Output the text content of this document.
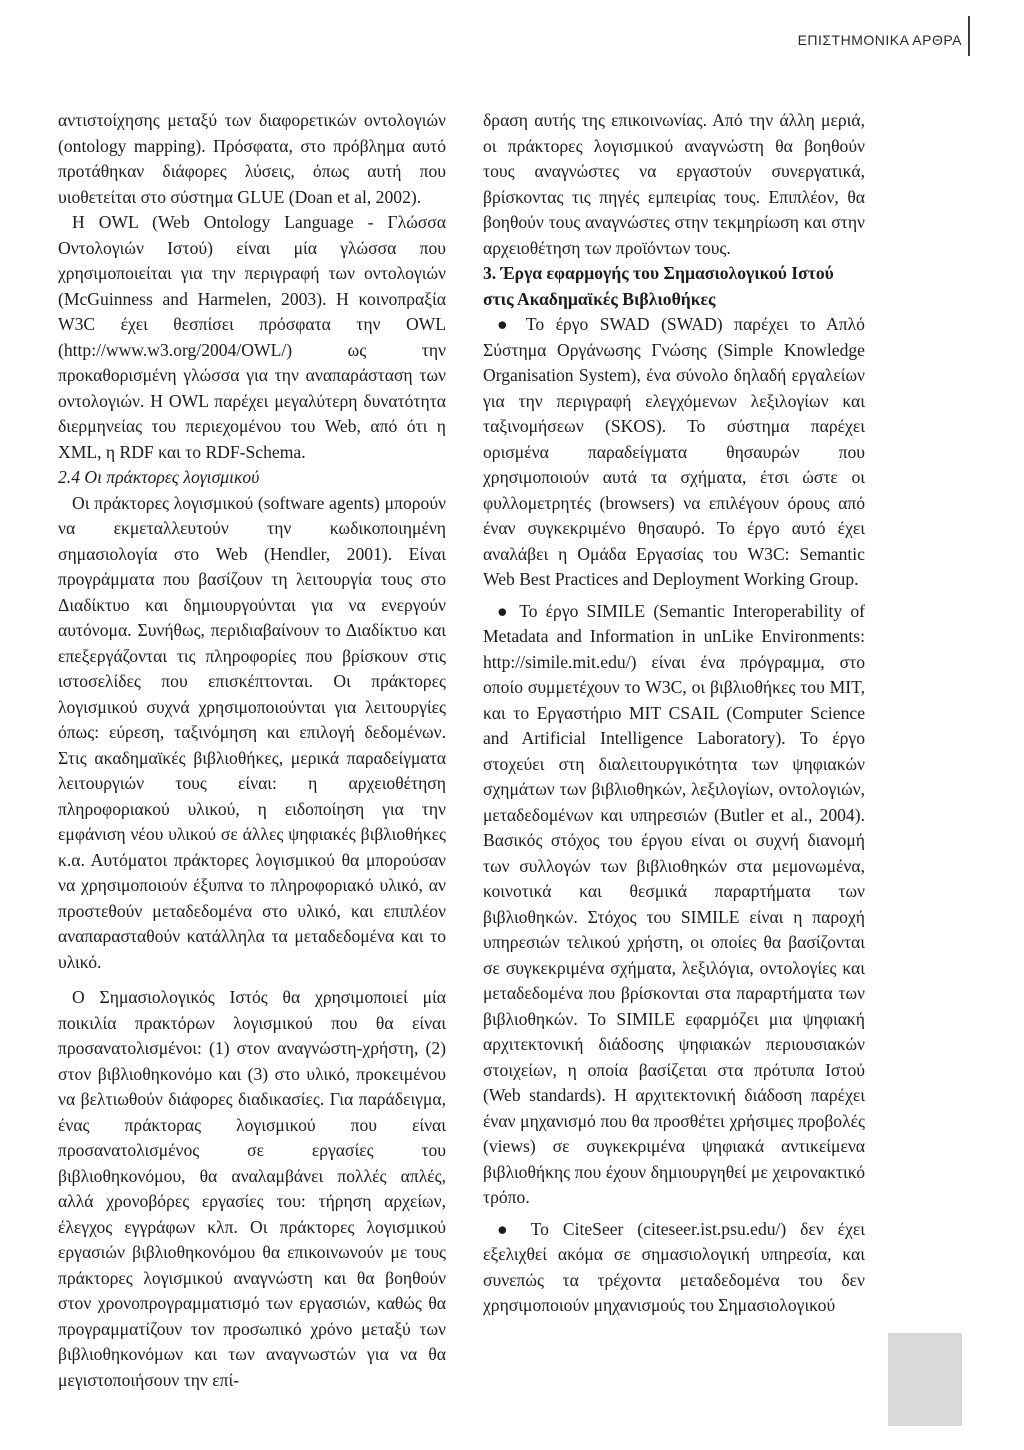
ΕΠΙΣΤΗΜΟΝΙΚΑ ΑΡΘΡΑ

αντιστοίχησης μεταξύ των διαφορετικών οντολογιών (ontology mapping). Πρόσφατα, στο πρόβλημα αυτό προτάθηκαν διάφορες λύσεις, όπως αυτή που υιοθετείται στο σύστημα GLUE (Doan et al, 2002).

Η OWL (Web Ontology Language - Γλώσσα Οντολογιών Ιστού) είναι μία γλώσσα που χρησιμοποιείται για την περιγραφή των οντολογιών (McGuinness and Harmelen, 2003). Η κοινοπραξία W3C έχει θεσπίσει πρόσφατα την OWL (http://www.w3.org/2004/OWL/) ως την προκαθορισμένη γλώσσα για την αναπαράσταση των οντολογιών. Η OWL παρέχει μεγαλύτερη δυνατότητα διερμηνείας του περιεχομένου του Web, από ότι η XML, η RDF και το RDF-Schema.

2.4 Οι πράκτορες λογισμικού

Οι πράκτορες λογισμικού (software agents) μπορούν να εκμεταλλευτούν την κωδικοποιημένη σημασιολογία στο Web (Hendler, 2001). Είναι προγράμματα που βασίζουν τη λειτουργία τους στο Διαδίκτυο και δημιουργούνται για να ενεργούν αυτόνομα. Συνήθως, περιδιαβαίνουν το Διαδίκτυο και επεξεργάζονται τις πληροφορίες που βρίσκουν στις ιστοσελίδες που επισκέπτονται. Οι πράκτορες λογισμικού συχνά χρησιμοποιούνται για λειτουργίες όπως: εύρεση, ταξινόμηση και επιλογή δεδομένων. Στις ακαδημαϊκές βιβλιοθήκες, μερικά παραδείγματα λειτουργιών τους είναι: η αρχειοθέτηση πληροφοριακού υλικού, η ειδοποίηση για την εμφάνιση νέου υλικού σε άλλες ψηφιακές βιβλιοθήκες κ.α. Αυτόματοι πράκτορες λογισμικού θα μπορούσαν να χρησιμοποιούν έξυπνα το πληροφοριακό υλικό, αν προστεθούν μεταδεδομένα στο υλικό, και επιπλέον αναπαρασταθούν κατάλληλα τα μεταδεδομένα και το υλικό.

Ο Σημασιολογικός Ιστός θα χρησιμοποιεί μία ποικιλία πρακτόρων λογισμικού που θα είναι προσανατολισμένοι: (1) στον αναγνώστη-χρήστη, (2) στον βιβλιοθηκονόμο και (3) στο υλικό, προκειμένου να βελτιωθούν διάφορες διαδικασίες. Για παράδειγμα, ένας πράκτορας λογισμικού που είναι προσανατολισμένος σε εργασίες του βιβλιοθηκονόμου, θα αναλαμβάνει πολλές απλές, αλλά χρονοβόρες εργασίες του: τήρηση αρχείων, έλεγχος εγγράφων κλπ. Οι πράκτορες λογισμικού εργασιών βιβλιοθηκονόμου θα επικοινωνούν με τους πράκτορες λογισμικού αναγνώστη και θα βοηθούν στον χρονοπρογραμματισμό των εργασιών, καθώς θα προγραμματίζουν τον προσωπικό χρόνο μεταξύ των βιβλιοθηκονόμων και των αναγνωστών για να θα μεγιστοποιήσουν την επί-

δραση αυτής της επικοινωνίας. Από την άλλη μεριά, οι πράκτορες λογισμικού αναγνώστη θα βοηθούν τους αναγνώστες να εργαστούν συνεργατικά, βρίσκοντας τις πηγές εμπειρίας τους. Επιπλέον, θα βοηθούν τους αναγνώστες στην τεκμηρίωση και στην αρχειοθέτηση των προϊόντων τους.

3. Έργα εφαρμογής του Σημασιολογικού Ιστού στις Ακαδημαϊκές Βιβλιοθήκες

● Το έργο SWAD (SWAD) παρέχει το Απλό Σύστημα Οργάνωσης Γνώσης (Simple Knowledge Organisation System), ένα σύνολο δηλαδή εργαλείων για την περιγραφή ελεγχόμενων λεξιλογίων και ταξινομήσεων (SKOS). Το σύστημα παρέχει ορισμένα παραδείγματα θησαυρών που χρησιμοποιούν αυτά τα σχήματα, έτσι ώστε οι φυλλομετρητές (browsers) να επιλέγουν όρους από έναν συγκεκριμένο θησαυρό. Το έργο αυτό έχει αναλάβει η Ομάδα Εργασίας του W3C: Semantic Web Best Practices and Deployment Working Group.

● Το έργο SIMILE (Semantic Interoperability of Metadata and Information in unLike Environments: http://simile.mit.edu/) είναι ένα πρόγραμμα, στο οποίο συμμετέχουν το W3C, οι βιβλιοθήκες του MIT, και το Εργαστήριο MIT CSAIL (Computer Science and Artificial Intelligence Laboratory). Το έργο στοχεύει στη διαλειτουργικότητα των ψηφιακών σχημάτων των βιβλιοθηκών, λεξιλογίων, οντολογιών, μεταδεδομένων και υπηρεσιών (Butler et al., 2004). Βασικός στόχος του έργου είναι οι συχνή διανομή των συλλογών των βιβλιοθηκών στα μεμονωμένα, κοινοτικά και θεσμικά παραρτήματα των βιβλιοθηκών. Στόχος του SIMILE είναι η παροχή υπηρεσιών τελικού χρήστη, οι οποίες θα βασίζονται σε συγκεκριμένα σχήματα, λεξιλόγια, οντολογίες και μεταδεδομένα που βρίσκονται στα παραρτήματα των βιβλιοθηκών. Το SIMILE εφαρμόζει μια ψηφιακή αρχιτεκτονική διάδοσης ψηφιακών περιουσιακών στοιχείων, η οποία βασίζεται στα πρότυπα Ιστού (Web standards). Η αρχιτεκτονική διάδοση παρέχει έναν μηχανισμό που θα προσθέτει χρήσιμες προβολές (views) σε συγκεκριμένα ψηφιακά αντικείμενα βιβλιοθήκης που έχουν δημιουργηθεί με χειρονακτικό τρόπο.

● Το CiteSeer (citeseer.ist.psu.edu/) δεν έχει εξελιχθεί ακόμα σε σημασιολογική υπηρεσία, και συνεπώς τα τρέχοντα μεταδεδομένα του δεν χρησιμοποιούν μηχανισμούς του Σημασιολογικού
